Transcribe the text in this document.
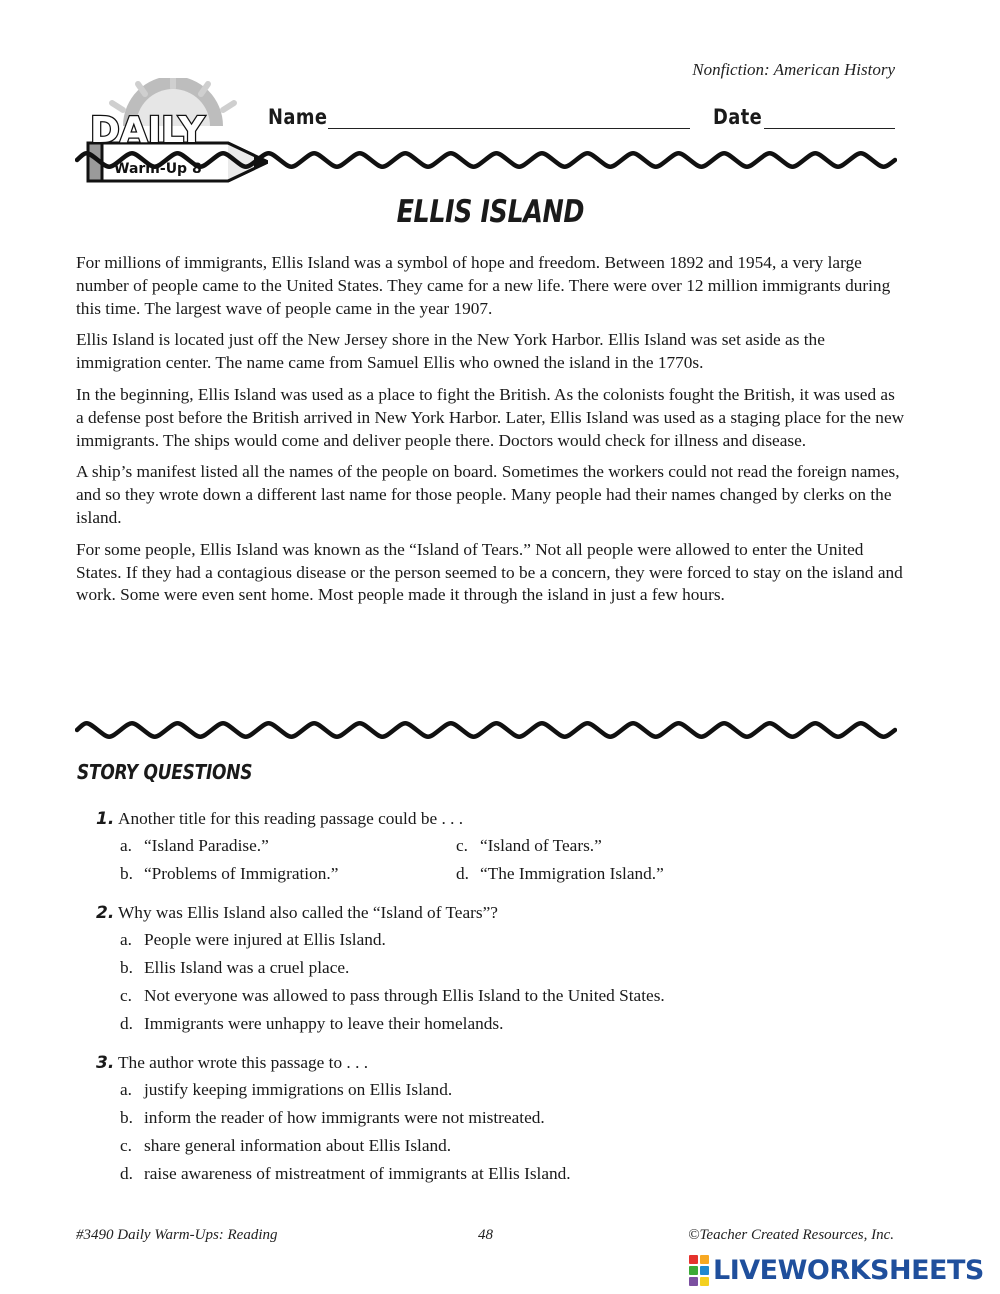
Nonfiction: American History
DAILY
Warm-Up 8
Name	Date
ELLIS ISLAND

For millions of immigrants, Ellis Island was a symbol of hope and freedom. Between 1892 and 1954, a very large number of people came to the United States. They came for a new life. There were over 12 million immigrants during this time. The largest wave of people came in the year 1907.

Ellis Island is located just off the New Jersey shore in the New York Harbor. Ellis Island was set aside as the immigration center. The name came from Samuel Ellis who owned the island in the 1770s.

In the beginning, Ellis Island was used as a place to fight the British. As the colonists fought the British, it was used as a defense post before the British arrived in New York Harbor. Later, Ellis Island was used as a staging place for the new immigrants. The ships would come and deliver people there. Doctors would check for illness and disease.

A ship’s manifest listed all the names of the people on board. Sometimes the workers could not read the foreign names, and so they wrote down a different last name for those people. Many people had their names changed by clerks on the island.

For some people, Ellis Island was known as the “Island of Tears.” Not all people were allowed to enter the United States. If they had a contagious disease or the person seemed to be a concern, they were forced to stay on the island and work. Some were even sent home. Most people made it through the island in just a few hours.

STORY QUESTIONS
1. Another title for this reading passage could be . . .
a. “Island Paradise.”	c. “Island of Tears.”
b. “Problems of Immigration.”	d. “The Immigration Island.”
2. Why was Ellis Island also called the “Island of Tears”?
a. People were injured at Ellis Island.
b. Ellis Island was a cruel place.
c. Not everyone was allowed to pass through Ellis Island to the United States.
d. Immigrants were unhappy to leave their homelands.
3. The author wrote this passage to . . .
a. justify keeping immigrations on Ellis Island.
b. inform the reader of how immigrants were not mistreated.
c. share general information about Ellis Island.
d. raise awareness of mistreatment of immigrants at Ellis Island.
#3490 Daily Warm-Ups: Reading	48	©Teacher Created Resources, Inc.
LIVEWORKSHEETS
